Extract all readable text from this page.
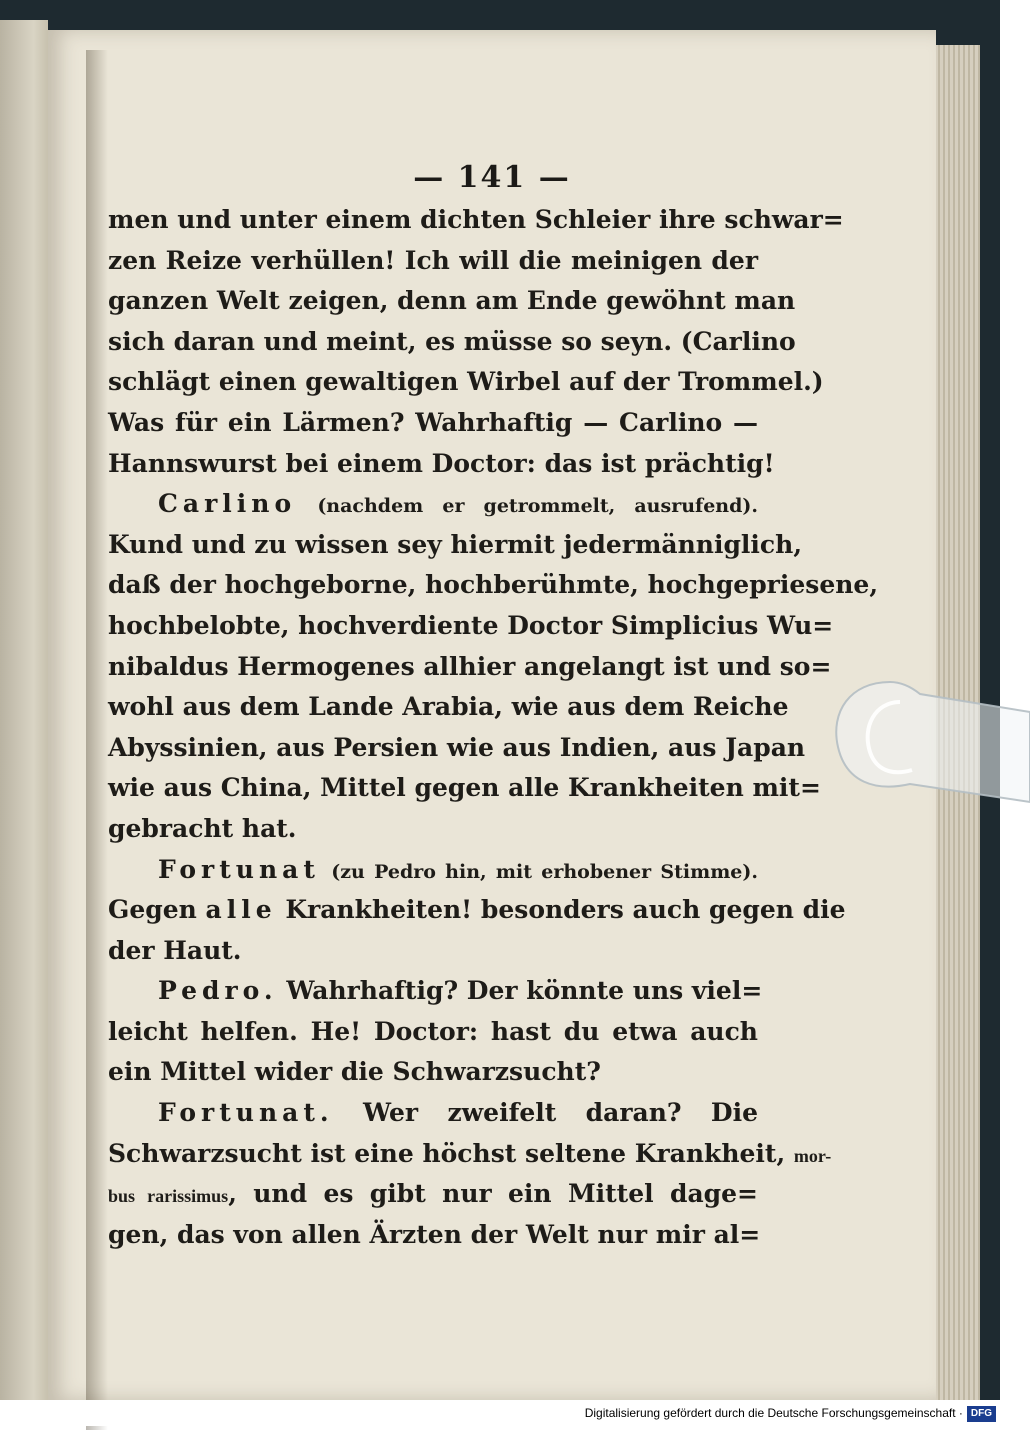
— 141 —
men und unter einem dichten Schleier ihre schwar=
zen Reize verhüllen! Ich will die meinigen der
ganzen Welt zeigen, denn am Ende gewöhnt man
sich daran und meint, es müsse so seyn. (Carlino
schlägt einen gewaltigen Wirbel auf der Trommel.)
Was für ein Lärmen? Wahrhaftig — Carlino —
Hannswurst bei einem Doctor: das ist prächtig!
Carlino (nachdem er getrommelt, ausrufend).
Kund und zu wissen sey hiermit jedermänniglich,
daß der hochgeborne, hochberühmte, hochgepriesene,
hochbelobte, hochverdiente Doctor Simplicius Wu=
nibaldus Hermogenes allhier angelangt ist und so=
wohl aus dem Lande Arabia, wie aus dem Reiche
Abyssinien, aus Persien wie aus Indien, aus Japan
wie aus China, Mittel gegen alle Krankheiten mit=
gebracht hat.
Fortunat (zu Pedro hin, mit erhobener Stimme).
Gegen alle Krankheiten! besonders auch gegen die
der Haut.
Pedro. Wahrhaftig? Der könnte uns viel=
leicht helfen. He! Doctor: hast du etwa auch
ein Mittel wider die Schwarzsucht?
Fortunat. Wer zweifelt daran? Die
Schwarzsucht ist eine höchst seltene Krankheit, mor-
bus rarissimus, und es gibt nur ein Mittel dage=
gen, das von allen Ärzten der Welt nur mir al=
Digitalisierung gefördert durch die Deutsche Forschungsgemeinschaft · DFG
